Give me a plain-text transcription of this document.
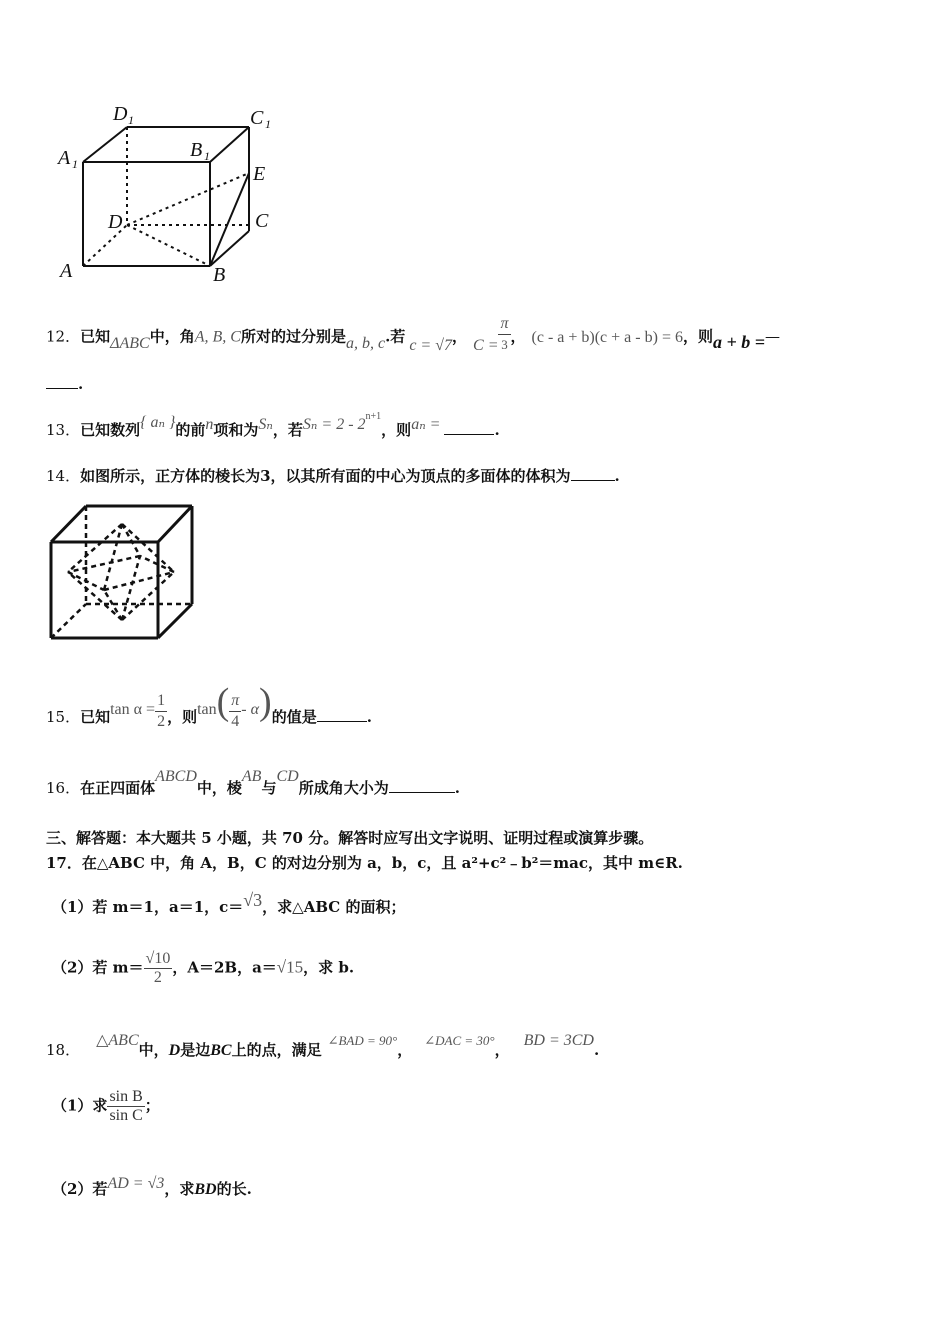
D 1	C 1
A 1
B 1
E
D	C
A	B
12．已知ΔABC中，角A, B, C所对的过分别是a, b, c.若 c = √7， $C = \frac{\pi}{3}$ ， (c - a + b)(c + a - b) = 6，则a + b =—
.
13．已知数列{ aₙ }的前n项和为Sₙ，若$S_n = 2 - 2^{n+1}$，则aₙ =	.
14．如图所示，正方体的棱长为3，以其所有面的中心为顶点的多面体的体积为	.
15．已知$\tan \alpha = \frac{1}{2}$ ，则$\tan( \frac{\pi}{4} - \alpha)$的值是	.
16．在正四面体ABCD中，棱AB与CD所成角大小为	.
三、解答题：本大题共 5 小题，共 70 分。解答时应写出文字说明、证明过程或演算步骤。
17．在△ABC 中，角 A，B，C 的对边分别为 a，b，c，且 a²+c²﹣b²＝mac，其中 m∈R.
（1）若 m＝1，a＝1，c＝√3，求△ABC 的面积；
（2）若 $m= \frac{√10}{2}$ ，A＝2B，a＝√15，求 b.
18．△ABC中，D是边BC上的点，满足∠BAD = 90°，∠DAC = 30°，BD = 3CD.
（1）求 $\frac{\text{sin B}}{\text{sin C}}$ ；
（2）若AD = √3，求BD的长.
